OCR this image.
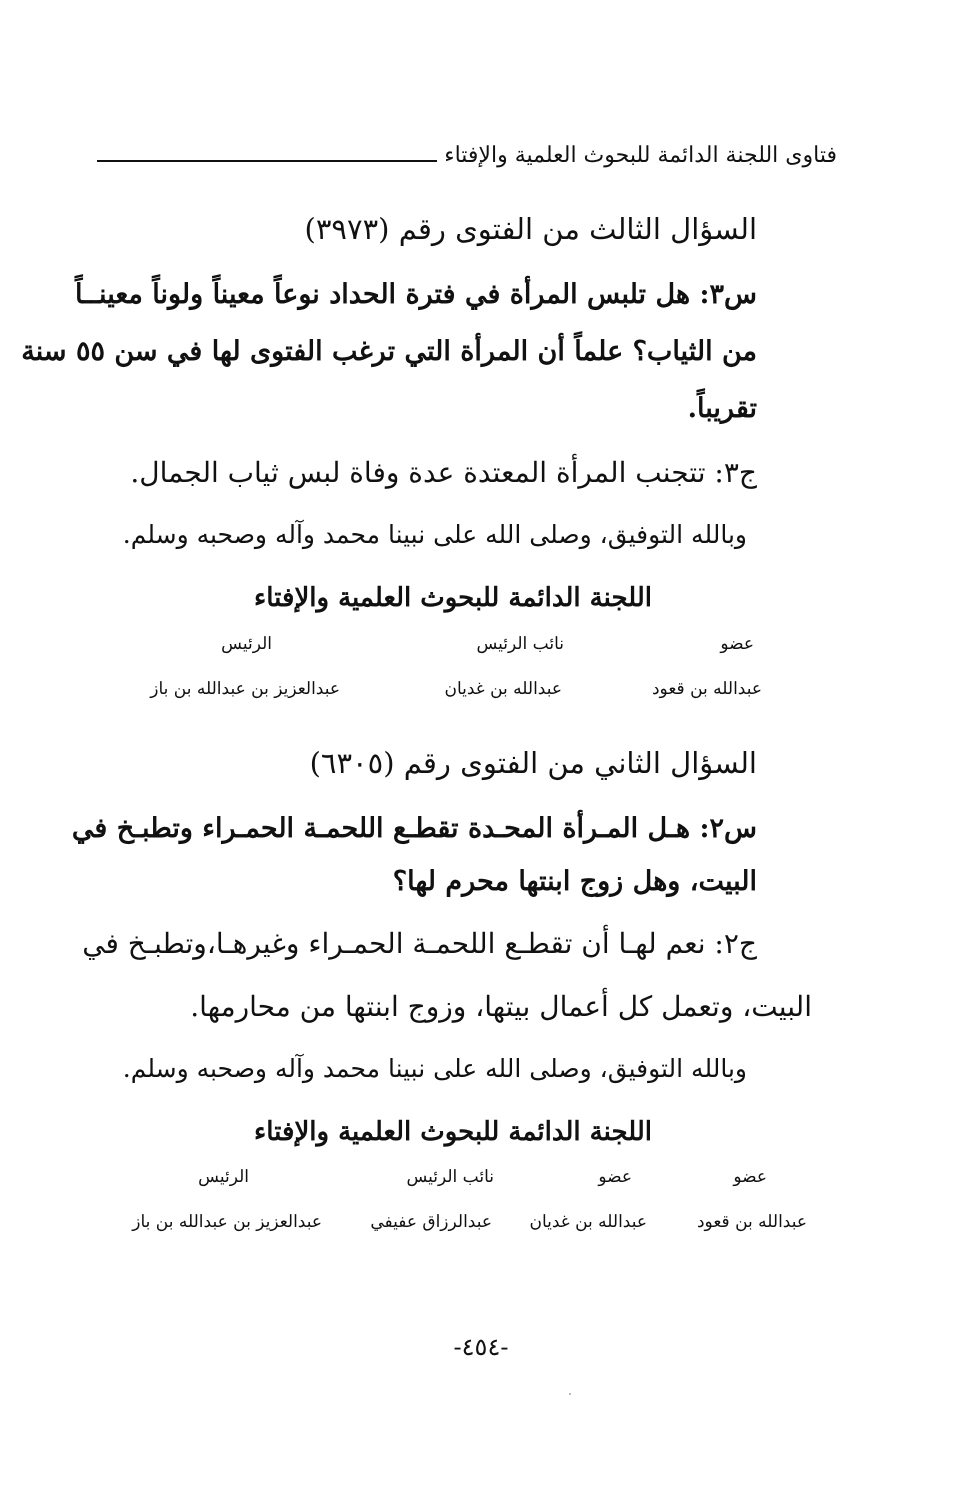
فتاوى اللجنة الدائمة للبحوث العلمية والإفتاء
السؤال الثالث من الفتوى رقم (٣٩٧٣)
س٣: هل تلبس المرأة في فترة الحداد نوعاً معيناً ولوناً معينــاً
من الثياب؟ علماً أن المرأة التي ترغب الفتوى لها في سن ٥٥ سنة
تقريباً.
ج٣: تتجنب المرأة المعتدة عدة وفاة لبس ثياب الجمال.
وبالله التوفيق، وصلى الله على نبينا محمد وآله وصحبه وسلم.
اللجنة الدائمة للبحوث العلمية والإفتاء
عضو
نائب الرئيس
الرئيس
عبدالله بن قعود
عبدالله بن غديان
عبدالعزيز بن عبدالله بن باز
السؤال الثاني من الفتوى رقم (٦٣٠٥)
س٢: هـل المـرأة المحـدة تقطـع اللحمـة الحمـراء وتطبـخ في
البيت، وهل زوج ابنتها محرم لها؟
ج٢: نعم لهـا أن تقطـع اللحمـة الحمـراء وغيرهـا،وتطبـخ في
البيت، وتعمل كل أعمال بيتها، وزوج ابنتها من محارمها.
وبالله التوفيق، وصلى الله على نبينا محمد وآله وصحبه وسلم.
اللجنة الدائمة للبحوث العلمية والإفتاء
عضو
عضو
نائب الرئيس
الرئيس
عبدالله بن قعود
عبدالله بن غديان
عبدالرزاق عفيفي
عبدالعزيز بن عبدالله بن باز
-٤٥٤-
